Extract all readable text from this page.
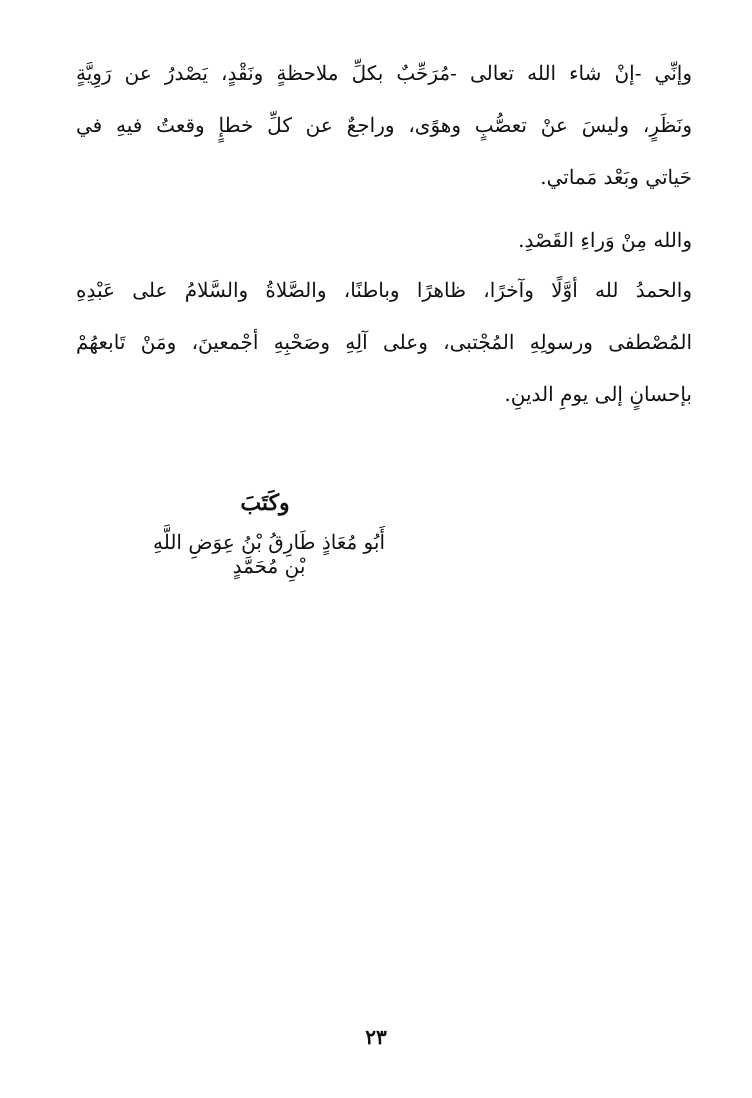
وإنِّي -إنْ شاء الله تعالى -مُرَحِّبٌ بكلِّ ملاحظةٍ ونَقْدٍ، يَصْدرُ عن رَوِيَّةٍ
ونَظَرٍ، وليسَ عنْ تعصُّبٍ وهوًى، وراجعٌ عن كلِّ خطإٍ وقعتُ فيهِ في
حَياتي وبَعْد مَماتي.

والله مِنْ وَراءِ القَصْدِ.

والحمدُ لله أوَّلًا وآخرًا، ظاهرًا وباطنًا، والصَّلاةُ والسَّلامُ على عَبْدِهِ
المُصْطفى ورسولِهِ المُجْتبى، وعلى آلِهِ وصَحْبِهِ أجْمعينَ، ومَنْ تَابعهُمْ
بإحسانٍ إلى يومِ الدينِ.

وكَتَبَ
أَبُو مُعَاذٍ طَارِقُ بْنُ عِوَضِ اللَّهِ بْنِ مُحَمَّدٍ
٢٣
